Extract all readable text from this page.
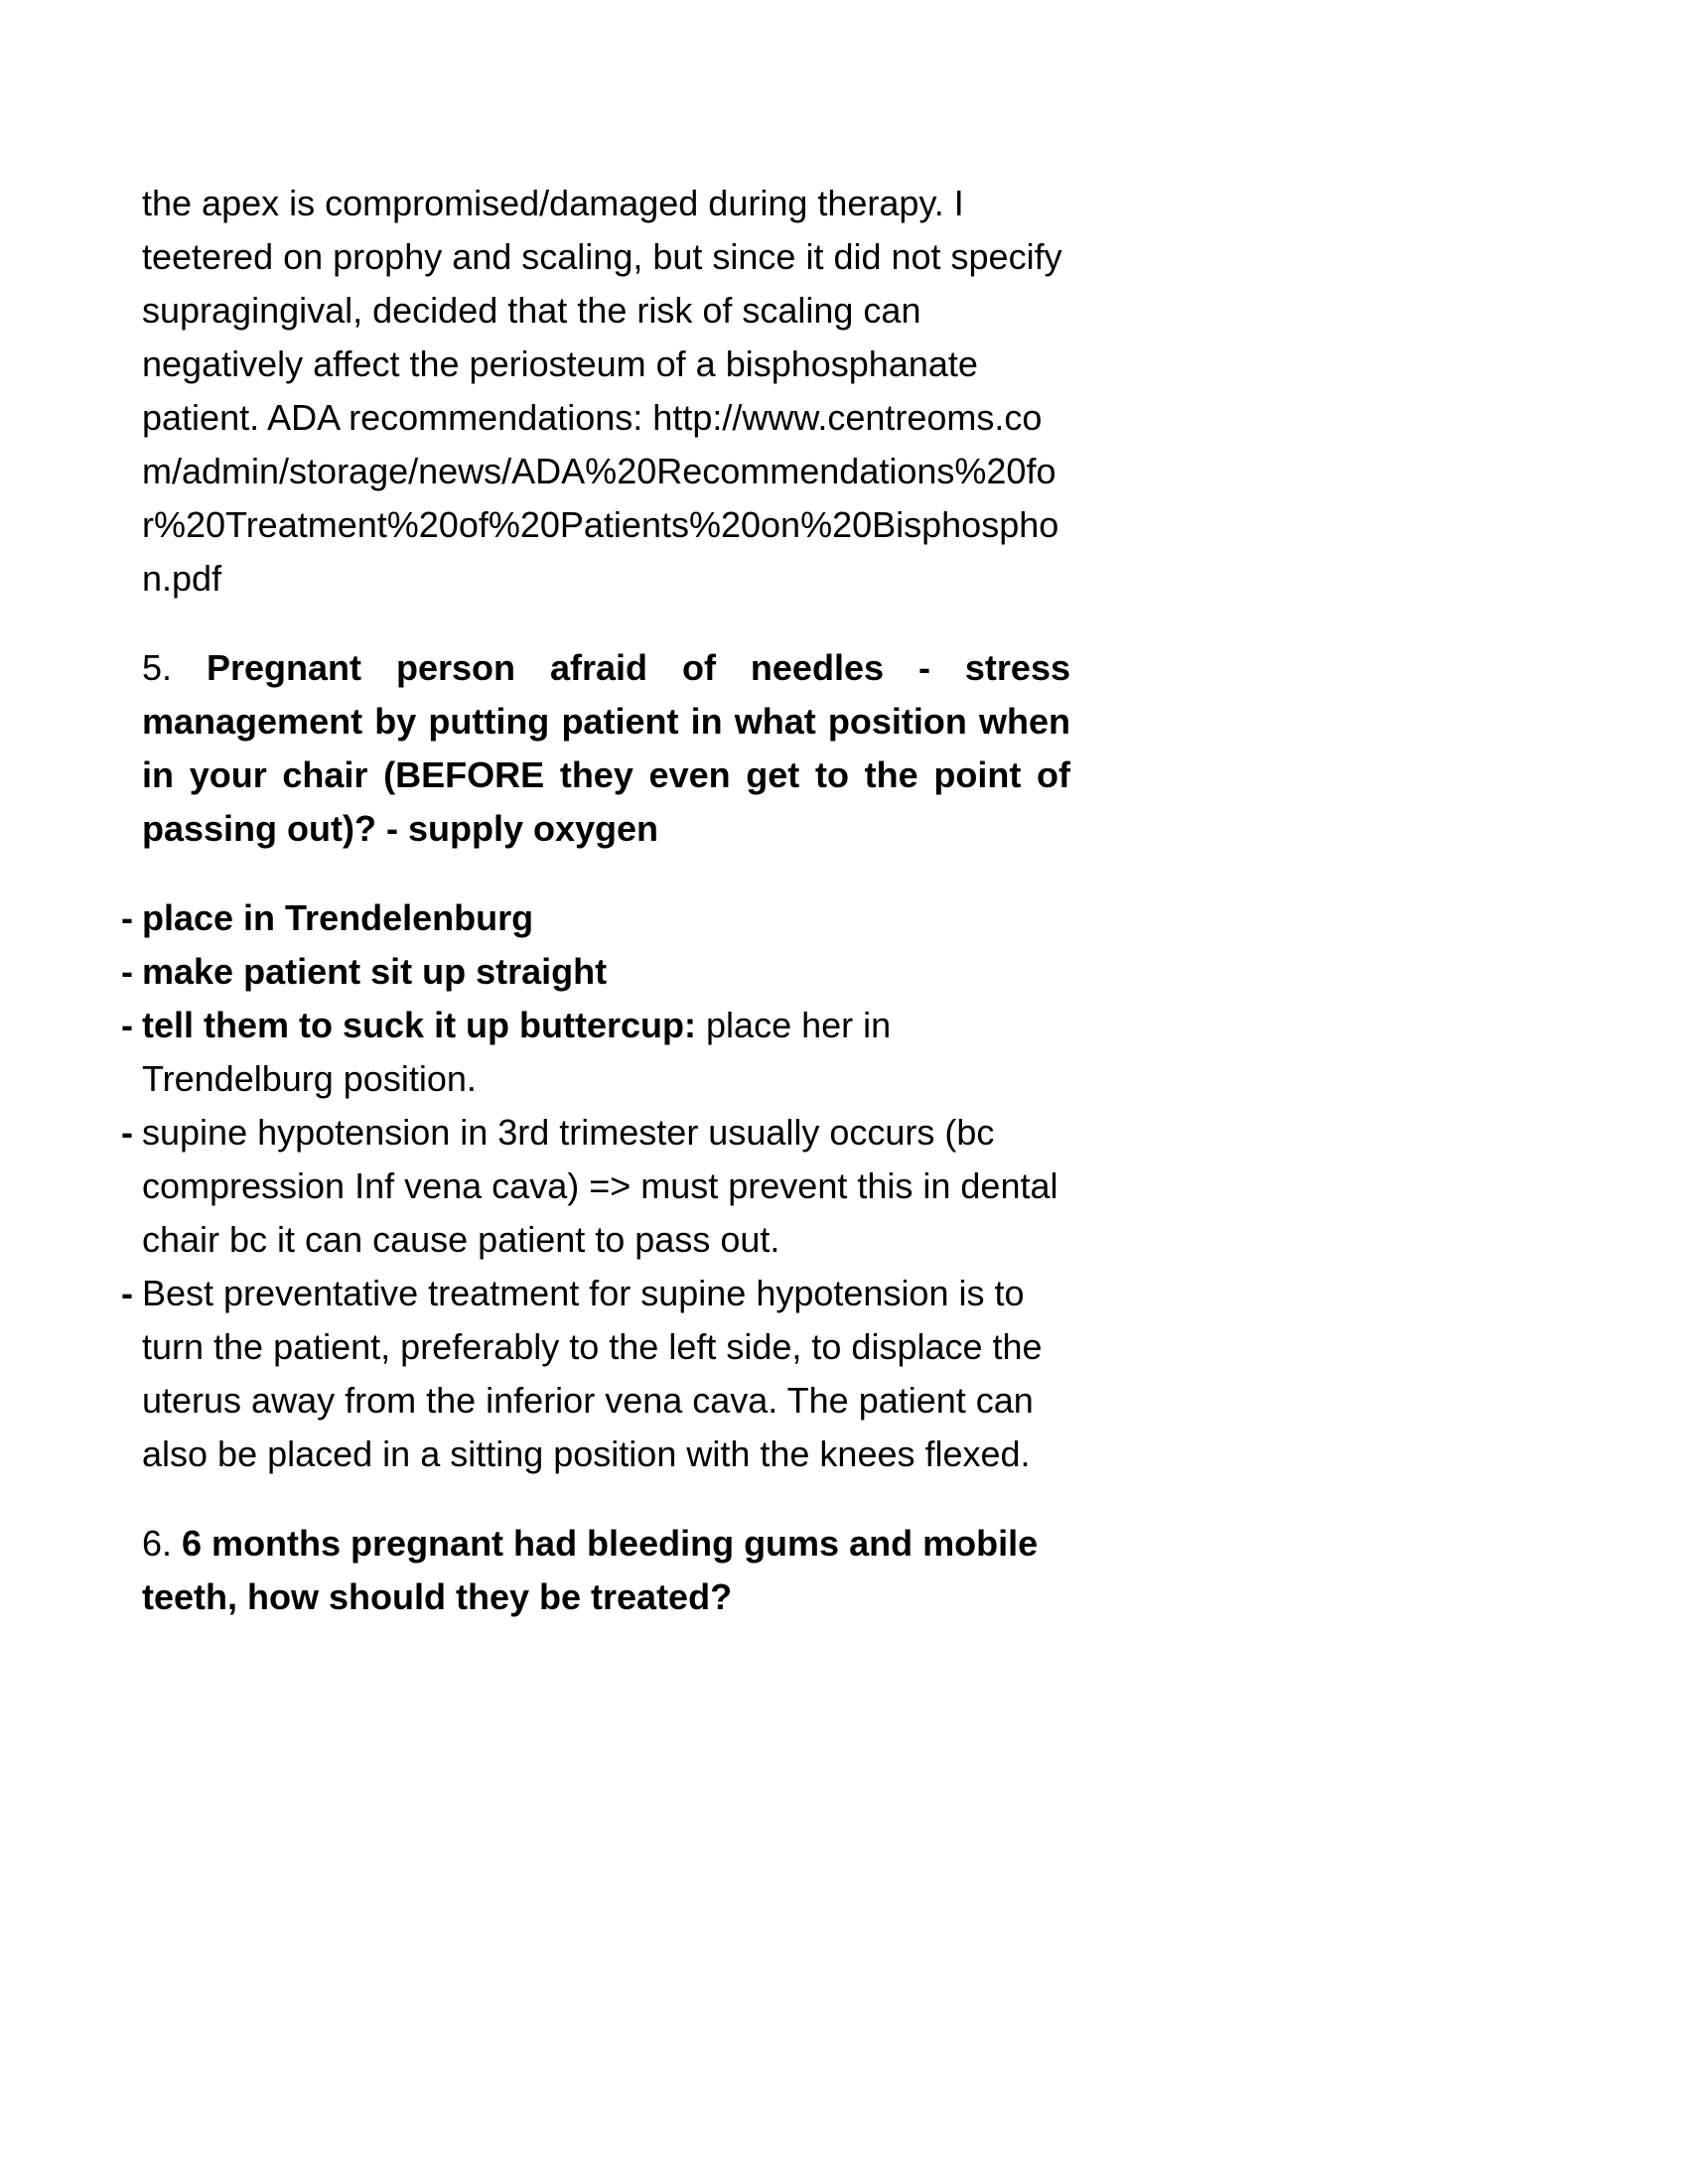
the apex is compromised/damaged during therapy. I teetered on prophy and scaling, but since it did not specify supragingival, decided that the risk of scaling can negatively affect the periosteum of a bisphosphanate patient. ADA recommendations: http://www.centreoms.com/admin/storage/news/ADA%20Recommendations%20for%20Treatment%20of%20Patients%20on%20Bisphosphon.pdf

5. Pregnant person afraid of needles - stress management by putting patient in what position when in your chair (BEFORE they even get to the point of passing out)? - supply oxygen

- place in Trendelenburg
- make patient sit up straight
- tell them to suck it up buttercup: place her in Trendelburg position.
- supine hypotension in 3rd trimester usually occurs (bc compression Inf vena cava) => must prevent this in dental chair bc it can cause patient to pass out.
- Best preventative treatment for supine hypotension is to turn the patient, preferably to the left side, to displace the uterus away from the inferior vena cava. The patient can also be placed in a sitting position with the knees flexed.

6. 6 months pregnant had bleeding gums and mobile teeth, how should they be treated?
